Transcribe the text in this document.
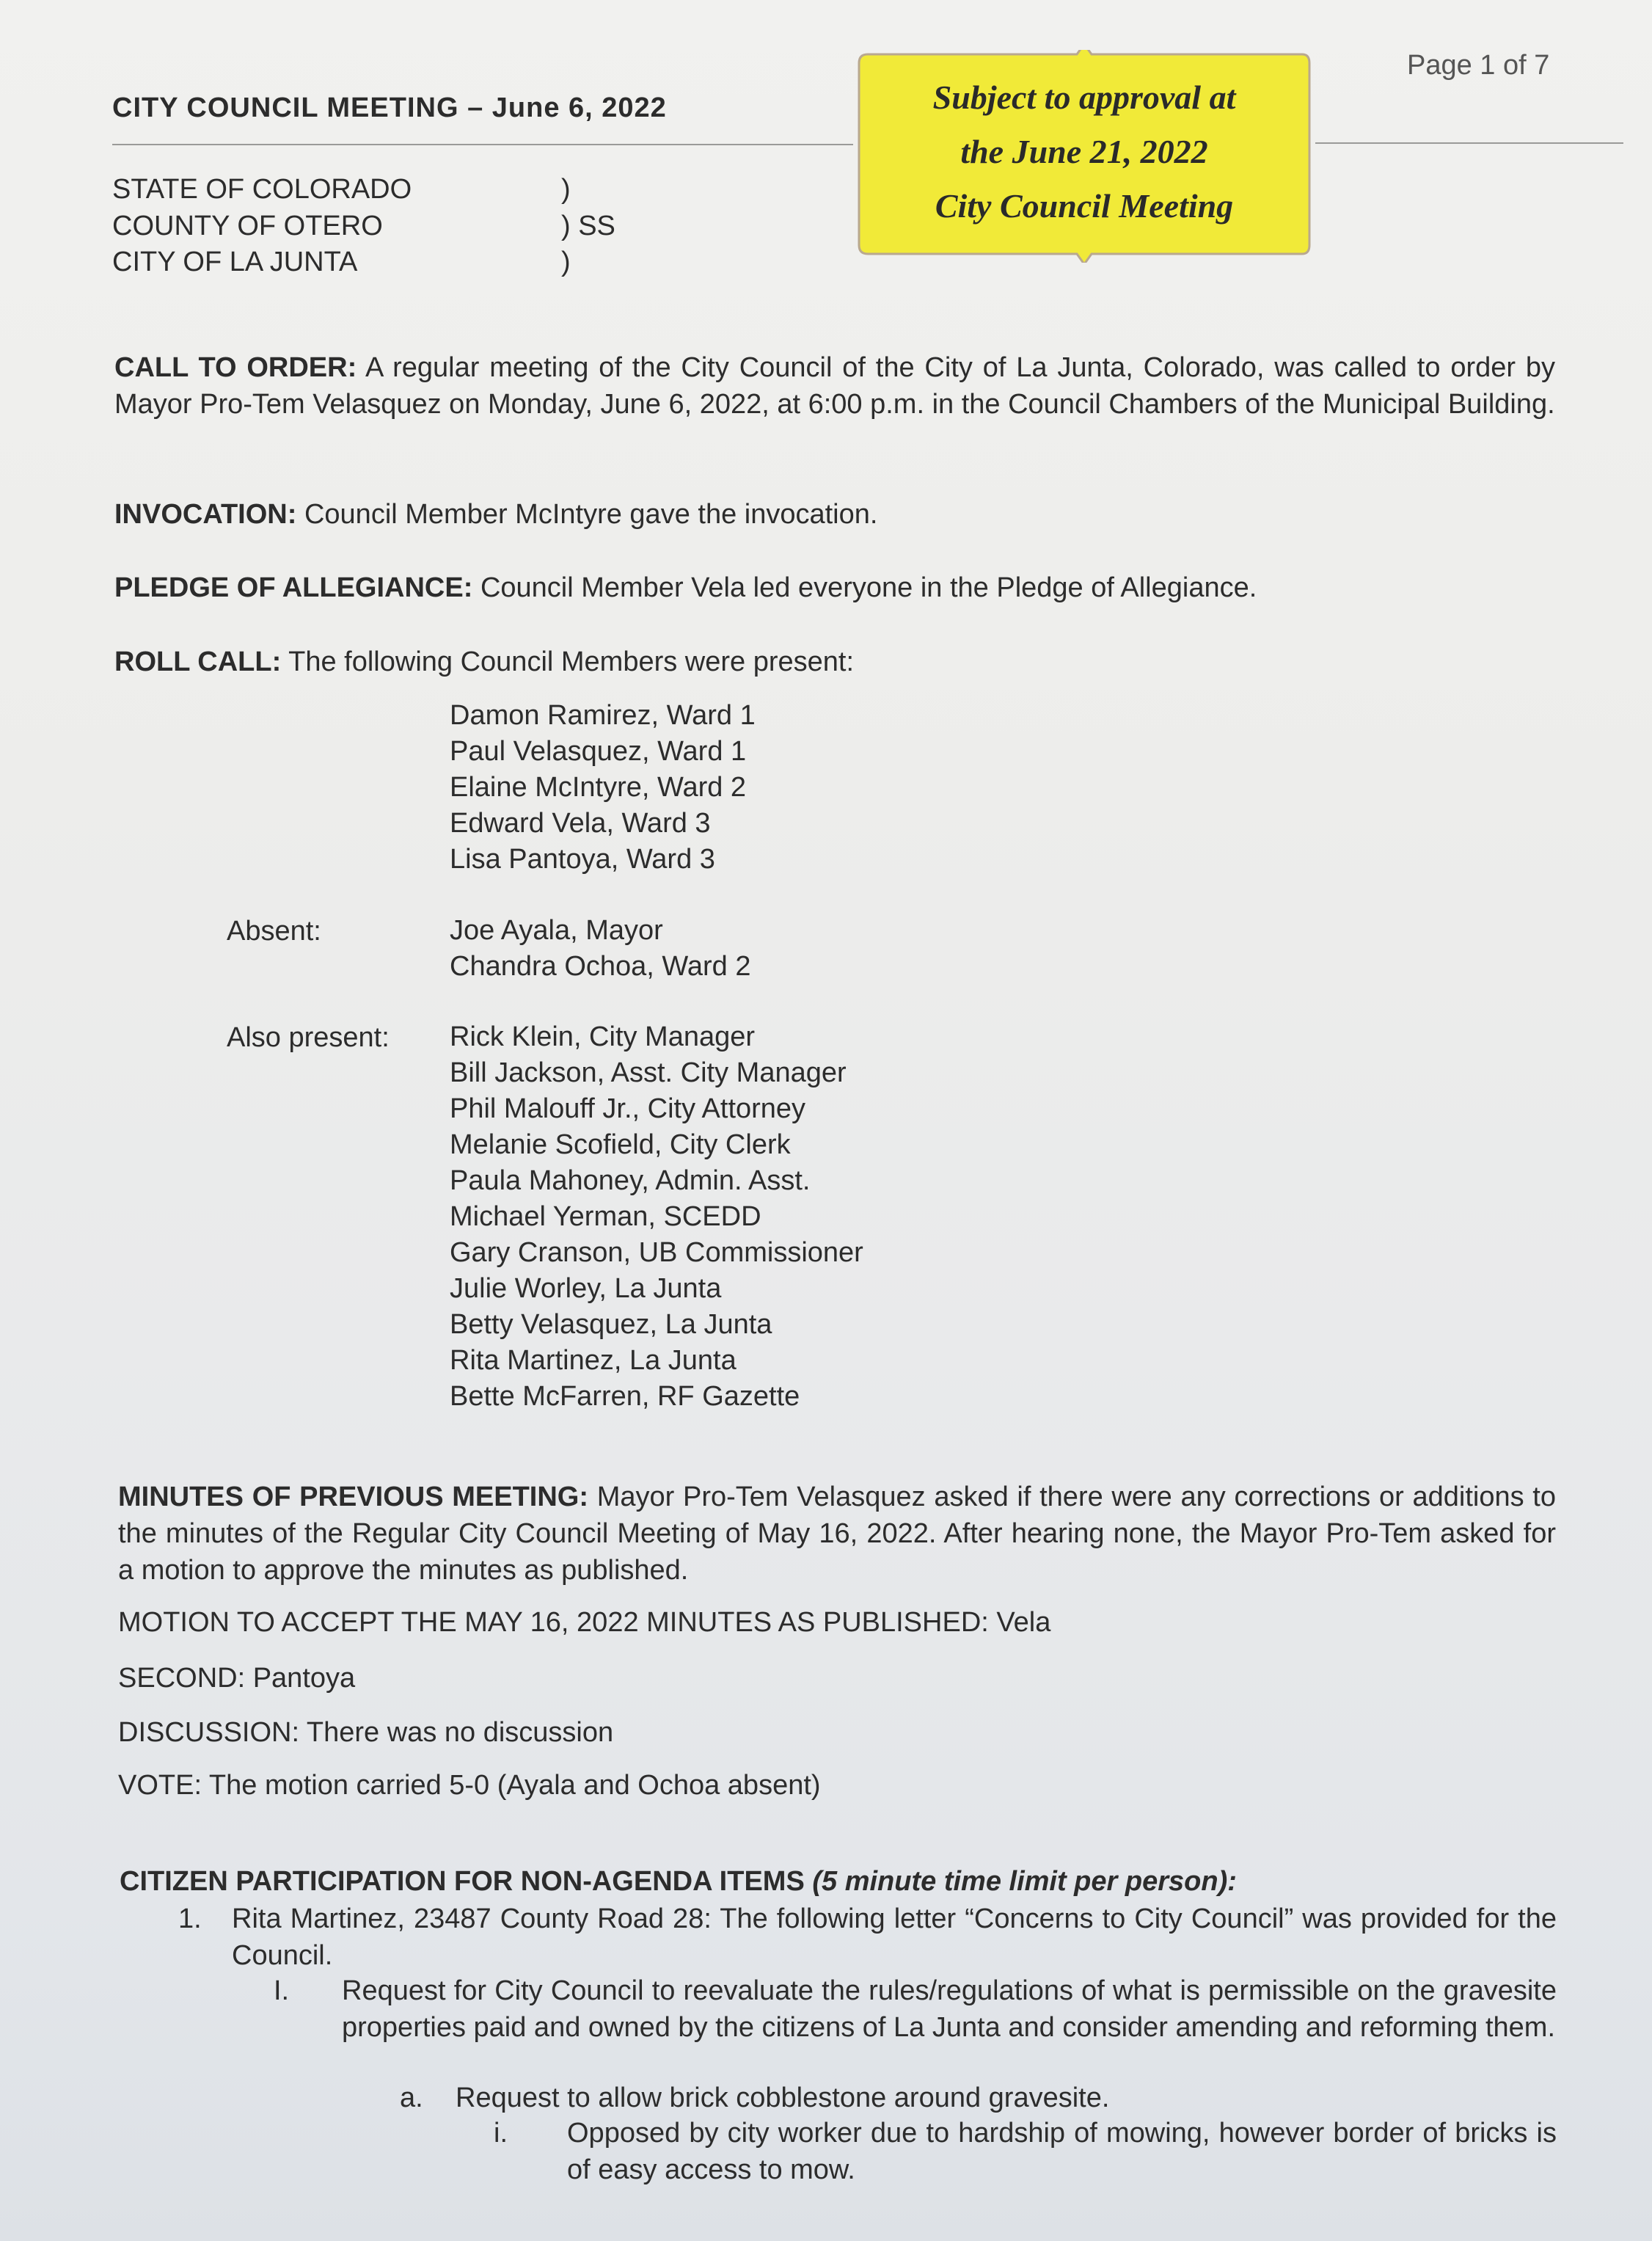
CITY COUNCIL MEETING – June 6, 2022
Page 1 of 7
Subject to approval at
the June 21, 2022
City Council Meeting
STATE OF COLORADO
COUNTY OF OTERO
CITY OF LA JUNTA
)
) SS
)
CALL TO ORDER: A regular meeting of the City Council of the City of La Junta, Colorado, was called to order by Mayor Pro-Tem Velasquez on Monday, June 6, 2022, at 6:00 p.m. in the Council Chambers of the Municipal Building.
INVOCATION: Council Member McIntyre gave the invocation.
PLEDGE OF ALLEGIANCE: Council Member Vela led everyone in the Pledge of Allegiance.
ROLL CALL: The following Council Members were present:
Damon Ramirez, Ward 1
Paul Velasquez, Ward 1
Elaine McIntyre, Ward 2
Edward Vela, Ward 3
Lisa Pantoya, Ward 3
Absent:	Joe Ayala, Mayor
Chandra Ochoa, Ward 2
Also present: Rick Klein, City Manager
Bill Jackson, Asst. City Manager
Phil Malouff Jr., City Attorney
Melanie Scofield, City Clerk
Paula Mahoney, Admin. Asst.
Michael Yerman, SCEDD
Gary Cranson, UB Commissioner
Julie Worley, La Junta
Betty Velasquez, La Junta
Rita Martinez, La Junta
Bette McFarren, RF Gazette
MINUTES OF PREVIOUS MEETING: Mayor Pro-Tem Velasquez asked if there were any corrections or additions to the minutes of the Regular City Council Meeting of May 16, 2022. After hearing none, the Mayor Pro-Tem asked for a motion to approve the minutes as published.
MOTION TO ACCEPT THE MAY 16, 2022 MINUTES AS PUBLISHED: Vela
SECOND: Pantoya
DISCUSSION: There was no discussion
VOTE: The motion carried 5-0 (Ayala and Ochoa absent)
CITIZEN PARTICIPATION FOR NON-AGENDA ITEMS (5 minute time limit per person):
1. Rita Martinez, 23487 County Road 28: The following letter “Concerns to City Council” was provided for the Council.
I. Request for City Council to reevaluate the rules/regulations of what is permissible on the gravesite properties paid and owned by the citizens of La Junta and consider amending and reforming them.
a. Request to allow brick cobblestone around gravesite.
i. Opposed by city worker due to hardship of mowing, however border of bricks is of easy access to mow.
